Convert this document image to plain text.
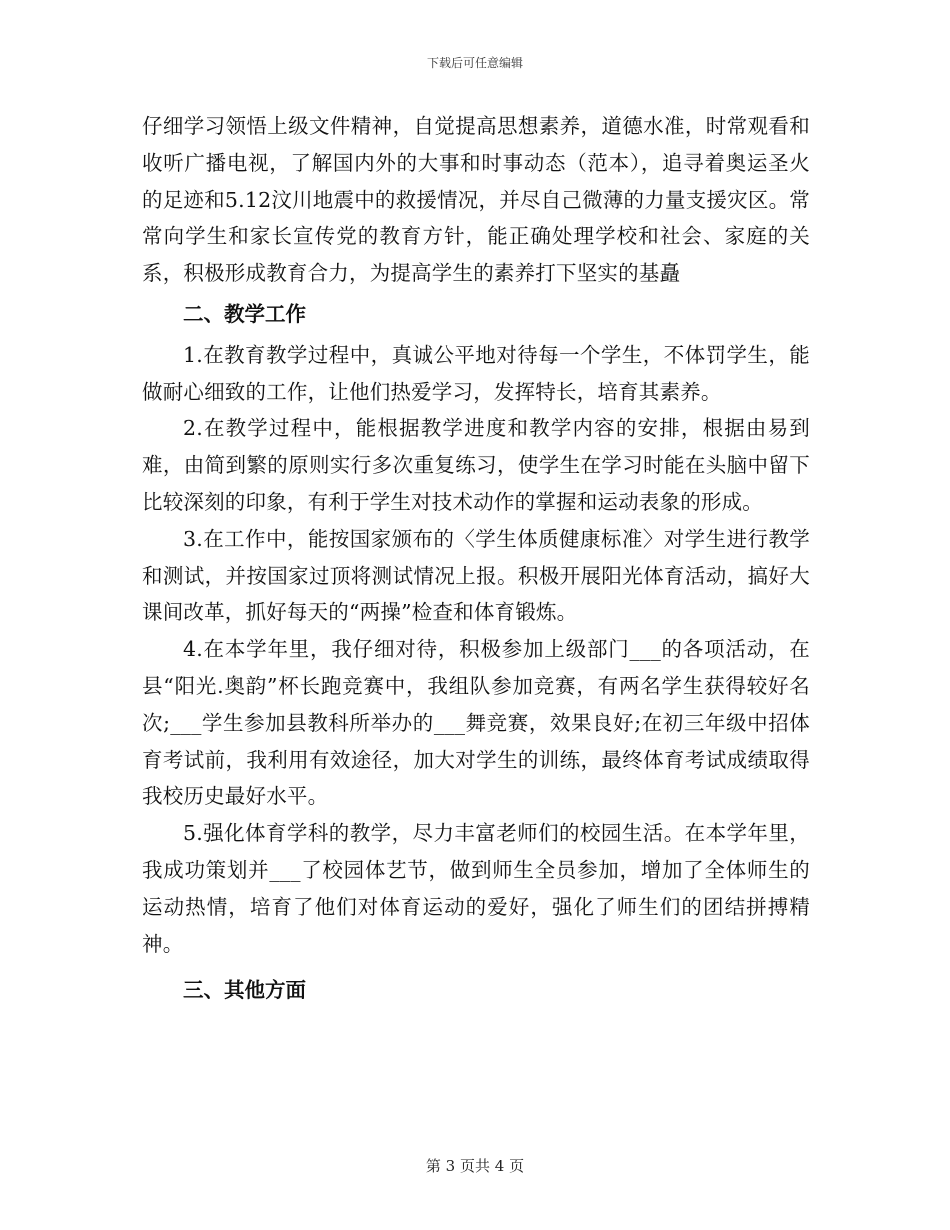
下载后可任意编辑

仔细学习领悟上级文件精神，自觉提高思想素养，道德水准，时常观看和收听广播电视，了解国内外的大事和时事动态（范本），追寻着奥运圣火的足迹和5.12汶川地震中的救援情况，并尽自己微薄的力量支援灾区。常常向学生和家长宣传党的教育方针，能正确处理学校和社会、家庭的关系，积极形成教育合力，为提高学生的素养打下坚实的基矗

二、教学工作

1.在教育教学过程中，真诚公平地对待每一个学生，不体罚学生，能做耐心细致的工作，让他们热爱学习，发挥特长，培育其素养。

2.在教学过程中，能根据教学进度和教学内容的安排，根据由易到难，由简到繁的原则实行多次重复练习，使学生在学习时能在头脑中留下比较深刻的印象，有利于学生对技术动作的掌握和运动表象的形成。

3.在工作中，能按国家颁布的〈学生体质健康标准〉对学生进行教学和测试，并按国家过顶将测试情况上报。积极开展阳光体育活动，搞好大课间改革，抓好每天的“两操”检查和体育锻炼。

4.在本学年里，我仔细对待，积极参加上级部门___的各项活动，在县“阳光.奥韵”杯长跑竞赛中，我组队参加竞赛，有两名学生获得较好名次;___学生参加县教科所举办的___舞竞赛，效果良好;在初三年级中招体育考试前，我利用有效途径，加大对学生的训练，最终体育考试成绩取得我校历史最好水平。

5.强化体育学科的教学，尽力丰富老师们的校园生活。在本学年里，我成功策划并___了校园体艺节，做到师生全员参加，增加了全体师生的运动热情，培育了他们对体育运动的爱好，强化了师生们的团结拼搏精神。

三、其他方面

第 3 页共 4 页
